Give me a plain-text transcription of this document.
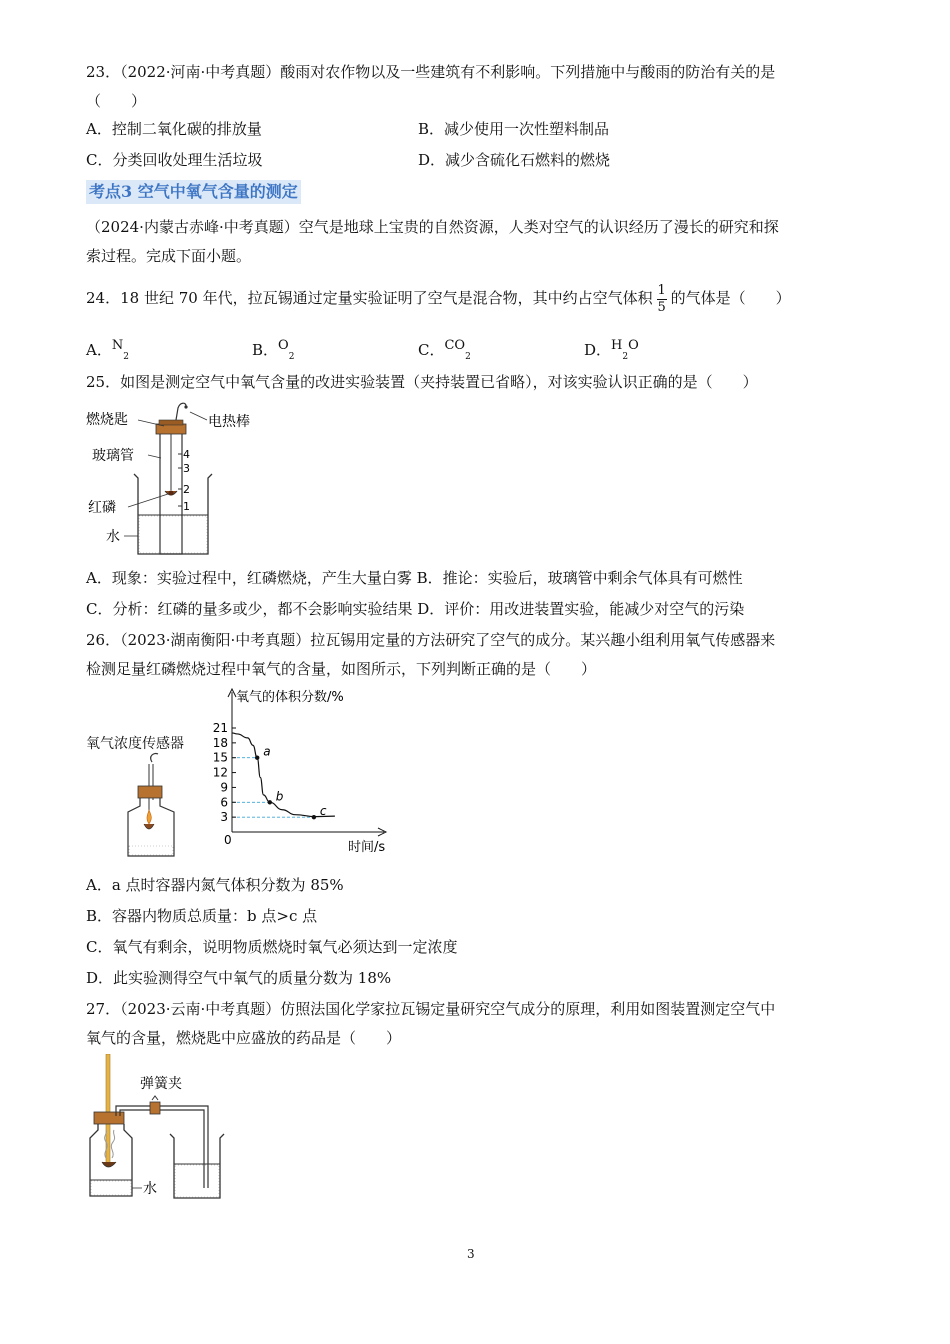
23．（2022·河南·中考真题）酸雨对农作物以及一些建筑有不利影响。下列措施中与酸雨的防治有关的是
（　　）
A．控制二氧化碳的排放量	B．减少使用一次性塑料制品
C．分类回收处理生活垃圾	D．减少含硫化石燃料的燃烧
考点3 空气中氧气含量的测定
（2024·内蒙古赤峰·中考真题）空气是地球上宝贵的自然资源，人类对空气的认识经历了漫长的研究和探
索过程。完成下面小题。
24．18 世纪 70 年代，拉瓦锡通过定量实验证明了空气是混合物，其中约占空气体积 $\frac{1}{5}$ 的气体是（　　）
A．$N_2$	B．$O_2$	C．$CO_2$	D．$H_2O$
25．如图是测定空气中氧气含量的改进实验装置（夹持装置已省略），对该实验认识正确的是（　　）
4
3
2
1
燃烧匙	电热棒
玻璃管
红磷
水
A．现象：实验过程中，红磷燃烧，产生大量白雾 B．推论：实验后，玻璃管中剩余气体具有可燃性
C．分析：红磷的量多或少，都不会影响实验结果 D．评价：用改进装置实验，能减少对空气的污染
26．（2023·湖南衡阳·中考真题）拉瓦锡用定量的方法研究了空气的成分。某兴趣小组利用氧气传感器来
检测足量红磷燃烧过程中氧气的含量，如图所示，下列判断正确的是（　　）
氧气浓度传感器
氧气的体积分数/%
时间/s
0
21
18
15
12
9
6
3
a
b
c
A．a 点时容器内氮气体积分数为 85%
B．容器内物质总质量：b 点>c 点
C．氧气有剩余，说明物质燃烧时氧气必须达到一定浓度
D．此实验测得空气中氧气的质量分数为 18%
27．（2023·云南·中考真题）仿照法国化学家拉瓦锡定量研究空气成分的原理，利用如图装置测定空气中
氧气的含量，燃烧匙中应盛放的药品是（　　）
弹簧夹
水
3
